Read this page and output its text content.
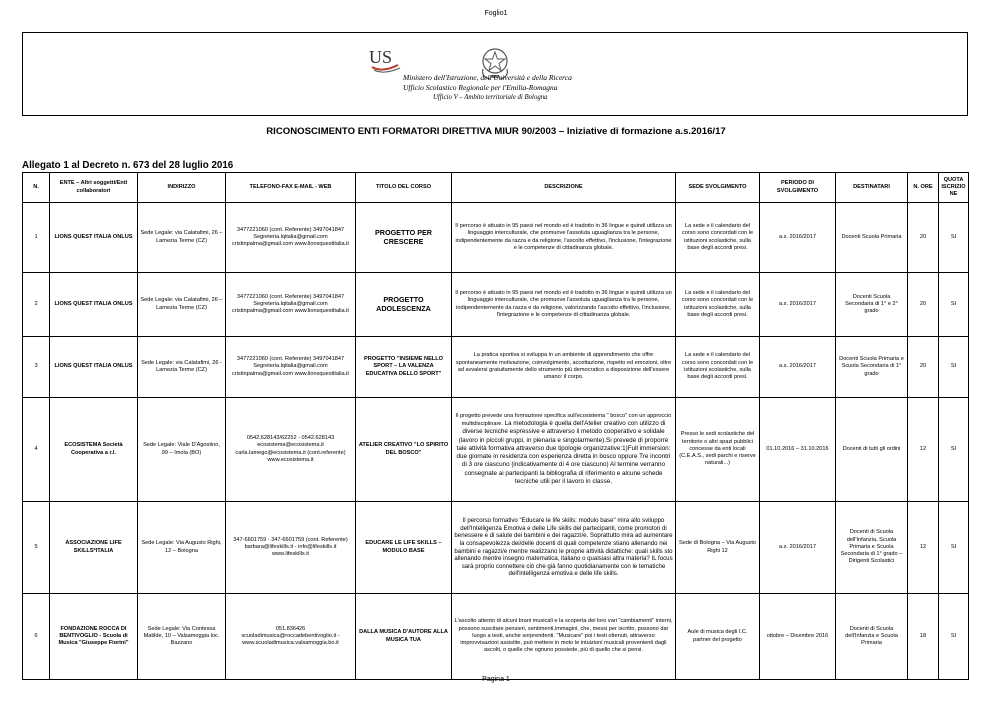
Foglio1
US
Ministero dell'Istruzione, dell'Università e della Ricerca
Ufficio Scolastico Regionale per l'Emilia-Romagna
Ufficio V – Ambito territoriale di Bologna
RICONOSCIMENTO ENTI FORMATORI DIRETTIVA MIUR 90/2003 – Iniziative di formazione a.s.2016/17
Allegato 1 al Decreto n. 673 del 28 luglio 2016
N.	ENTE – Altri soggetti/Enti collaboratori	INDIRIZZO	TELEFONO-FAX E-MAIL - WEB	TITOLO DEL CORSO	DESCRIZIONE	SEDE SVOLGIMENTO	PERIODO DI SVOLGIMENTO	DESTINATARI	N. ORE	QUOTA ISCRIZIONE
1	LIONS QUEST ITALIA ONLUS	Sede Legale: via Calatafimi, 26 – Lamezia Terme (CZ)	3477221060 (cont. Referente) 3497041847 Segreteria.lqitalia@gmail.com cristinpalma@gmail.com www.lionsquestitalia.it	PROGETTO PER CRESCERE	Il percorso è attuato in 95 paesi nel mondo ed è tradotto in 36 lingue e quindi utilizza un linguaggio interculturale, che promuove l'assoluta uguaglianza tra le persone, indipendentemente da razza e da religione, l'ascolto effettivo, l'inclusione, l'integrazione e le competenze di cittadinanza globale.	La sede e il calendario del corso sono concordati con le istituzioni scolastiche, sulla base degli accordi presi.	a.s. 2016/2017	Docenti Scuola Primaria	20	SI
2	LIONS QUEST ITALIA ONLUS	Sede Legale: via Calatafimi, 26 – Lamezia Terme (CZ)	3477221060 (cont. Referente) 3497041847 Segreteria.lqitalia@gmail.com cristinpalma@gmail.com www.lionsquestitalia.it	PROGETTO ADOLESCENZA	Il percorso è attuato in 95 paesi nel mondo ed è tradotto in 36 lingue e quindi utilizza un linguaggio interculturale, che promuove l'assoluta uguaglianza tra le persone, indipendentemente da razza e da religione, valorizzando l'ascolto effettivo, l'inclusione, l'integrazione e le competenze di cittadinanza globale.	La sede e il calendario del corso sono concordati con le istituzioni scolastiche, sulla base degli accordi presi.	a.s. 2016/2017	Docenti Scuola Secondaria di 1° e 2° grado	20	SI
3	LIONS QUEST ITALIA ONLUS	Sede Legale: via Calatafimi, 26 - Lamezia Terme (CZ)	3477221060 (cont. Referente) 3497041847 Segreteria.lqitalia@gmail.com cristinpalma@gmail.com www.lionsquestitalia.it	PROGETTO "INSIEME NELLO SPORT – LA VALENZA EDUCATIVA DELLO SPORT"	La pratica sportiva si sviluppa in un ambiente di apprendimento che offre spontaneamente motivazione, coinvolgimento, accettazione, rispetto ed emozioni, oltre ad avvalersi gratuitamente dello strumento più democratico a disposizione dell'essere umano: il corpo.	La sede e il calendario del corso sono concordati con le istituzioni scolastiche, sulla base degli accordi presi.	a.s. 2016/2017	Docenti Scuola Primaria e Scuola Secondaria di 1° grado	20	SI
4	ECOSISTEMA Società Cooperativa a r.l.	Sede Legale: Viale D'Agostino, 99 – Imola (BO)	0542.628143/62252 - 0542.628143 ecosistema@ecosistema.it carla.lamego@ecosistema.it (cont.referente) www.ecosistema.it	ATELIER CREATIVO "LO SPIRITO DEL BOSCO"	Il progetto prevede una formazione specifica sull'ecosistema " bosco" con un approccio multidisciplinare. La metodologia è quella dell'Atelier creativo con utilizzo di diverse tecniche espressive e attraverso il metodo cooperativo e solidale (lavoro in piccoli gruppi, in plenaria e singolarmente).Si prevede di proporre tale attività formativa attraverso due tipologie organizzative:1)Full immersion: due giornate in residenza con esperienza diretta in bosco oppure Tre incontri di 3 ore ciascuno (indicativamente di 4 ore ciascuno) Al termine verranno consegnate ai partecipanti la bibliografia di riferimento e alcune schede tecniche utili per il lavoro in classe.	Presso le sedi scolastiche del territorio o altri spazi pubblici concesse da enti locali (C.E.A.S., sedi parchi e riserve naturali...)	01.10.2016 – 31.10.2016	Docenti di tutti gli ordini	12	SI
5	ASSOCIAZIONE LIFE SKILLS*ITALIA	Sede Legale: Via Augusto Righi, 12 – Bologna	347-6601759 - 347-6601759 (cont. Referente) barbara@lifeskills.it - info@lifeskills.it www.lifeskills.it	EDUCARE LE LIFE SKILLS – MODULO BASE	Il percorso formativo "Educare le life skills: modulo base" mira allo sviluppo dell'Intelligenza Emotiva e delle Life skills dei partecipanti, come promotori di benessere e di salute dei bambini e dei ragazzi/e. Soprattutto mira ad aumentare la consapevolezza dei/delle docenti di quali competenze stiano allenando nei bambini e ragazzi/e mentre realizzano le proprie attività didattiche: quali skills sto allenando mentre insegno matematica, italiano o qualsiasi altra materia? IL focus sarà proprio connettere ciò che già fanno quotidianamente con le tematiche dell'intelligenza emotiva e delle life skills.	Sede di Bologna – Via Augusto Righi 12	a.s. 2016/2017	Docenti di Scuola dell'Infanzia, Scuola Primaria e Scuola Secondaria di 1° grado – Dirigenti Scolastici	12	SI
6	FONDAZIONE ROCCA DI BENTIVOGLIO - Scuola di Musica "Giuseppe Fiorini"	Sede Legale: Via Contessa Matilde, 10 – Valsamoggia loc. Bazzano	051.836426 scuoladimusica@roccadebentivoglio.it - www.scuoladimusica.valsamoggia.bo.it	DALLA MUSICA D'AUTORE ALLA MUSICA TUA	L'ascolto attento di alcuni brani musicali e la scoperta dei loro vari "cambiamenti" interni, possono suscitare pensieri, sentimenti,immagini, che, messi per iscritto, possono dar luogo a testi, anche sorprendenti. "Musicare" poi i testi ottenuti, attraverso improvvisazioni assistite, può mettere in moto le intuizioni musicali provenienti dagli ascolti, o quelle che ognuno possiede, più di quello che si pensi.	Aule di musica degli I.C. partner del progetto	ottobre – Dicembre 2016	Docenti di Scuola dell'Infanzia e Scuola Primaria	18	SI
Pagina 1
